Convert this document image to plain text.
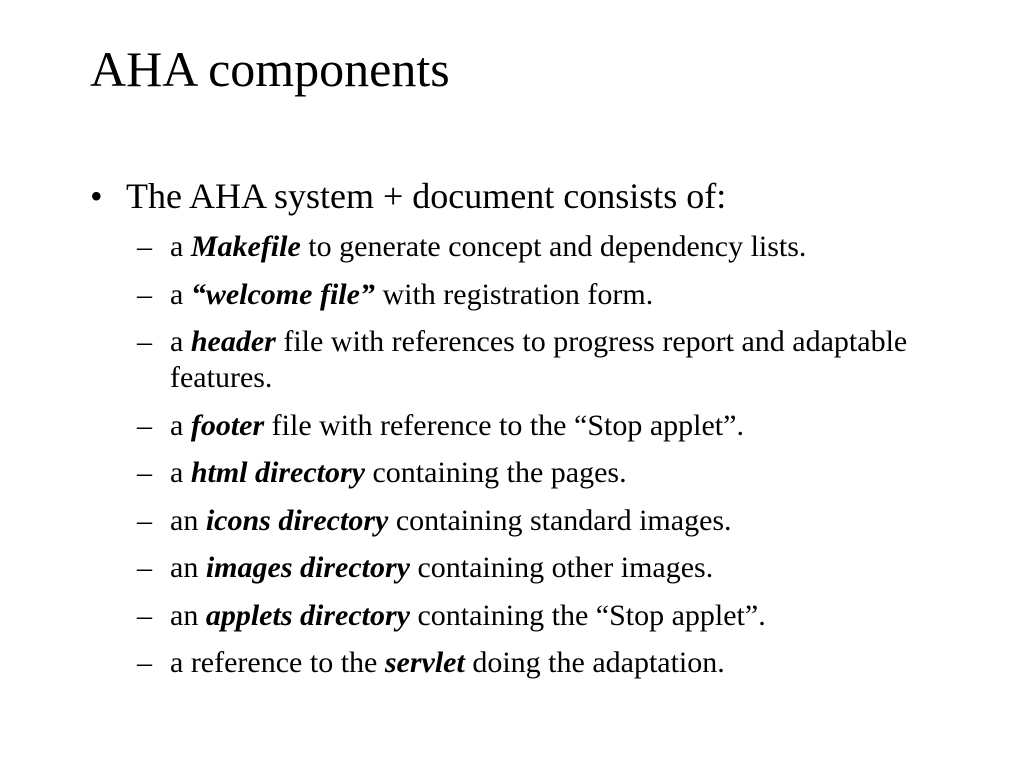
AHA components
• The AHA system + document consists of:
– a Makefile to generate concept and dependency lists.
– a “welcome file” with registration form.
– a header file with references to progress report and adaptable features.
– a footer file with reference to the “Stop applet”.
– a html directory containing the pages.
– an icons directory containing standard images.
– an images directory containing other images.
– an applets directory containing the “Stop applet”.
– a reference to the servlet doing the adaptation.
